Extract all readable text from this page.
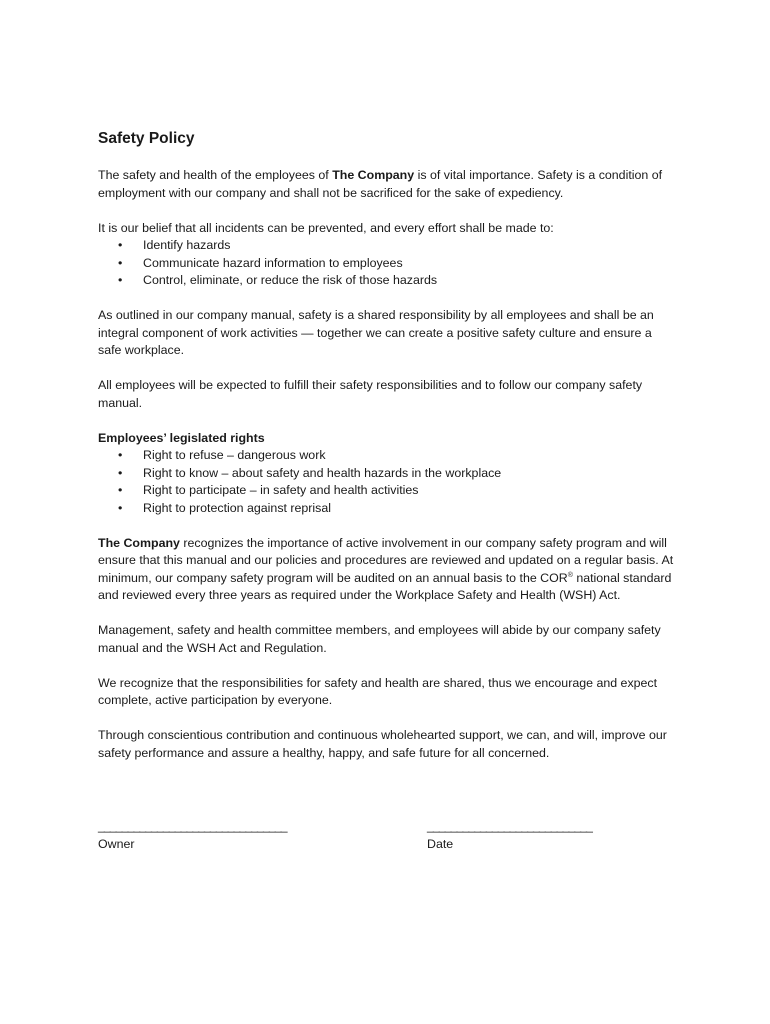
Safety Policy

The safety and health of the employees of The Company is of vital importance. Safety is a condition of employment with our company and shall not be sacrificed for the sake of expediency.

It is our belief that all incidents can be prevented, and every effort shall be made to:

• Identify hazards
• Communicate hazard information to employees
• Control, eliminate, or reduce the risk of those hazards

As outlined in our company manual, safety is a shared responsibility by all employees and shall be an integral component of work activities — together we can create a positive safety culture and ensure a safe workplace.

All employees will be expected to fulfill their safety responsibilities and to follow our company safety manual.

Employees’ legislated rights

• Right to refuse – dangerous work
• Right to know – about safety and health hazards in the workplace
• Right to participate – in safety and health activities
• Right to protection against reprisal

The Company recognizes the importance of active involvement in our company safety program and will ensure that this manual and our policies and procedures are reviewed and updated on a regular basis. At minimum, our company safety program will be audited on an annual basis to the COR® national standard and reviewed every three years as required under the Workplace Safety and Health (WSH) Act.

Management, safety and health committee members, and employees will abide by our company safety manual and the WSH Act and Regulation.

We recognize that the responsibilities for safety and health are shared, thus we encourage and expect complete, active participation by everyone.

Through conscientious contribution and continuous wholehearted support, we can, and will, improve our safety performance and assure a healthy, happy, and safe future for all concerned.

________________________________
Owner
____________________________
Date
